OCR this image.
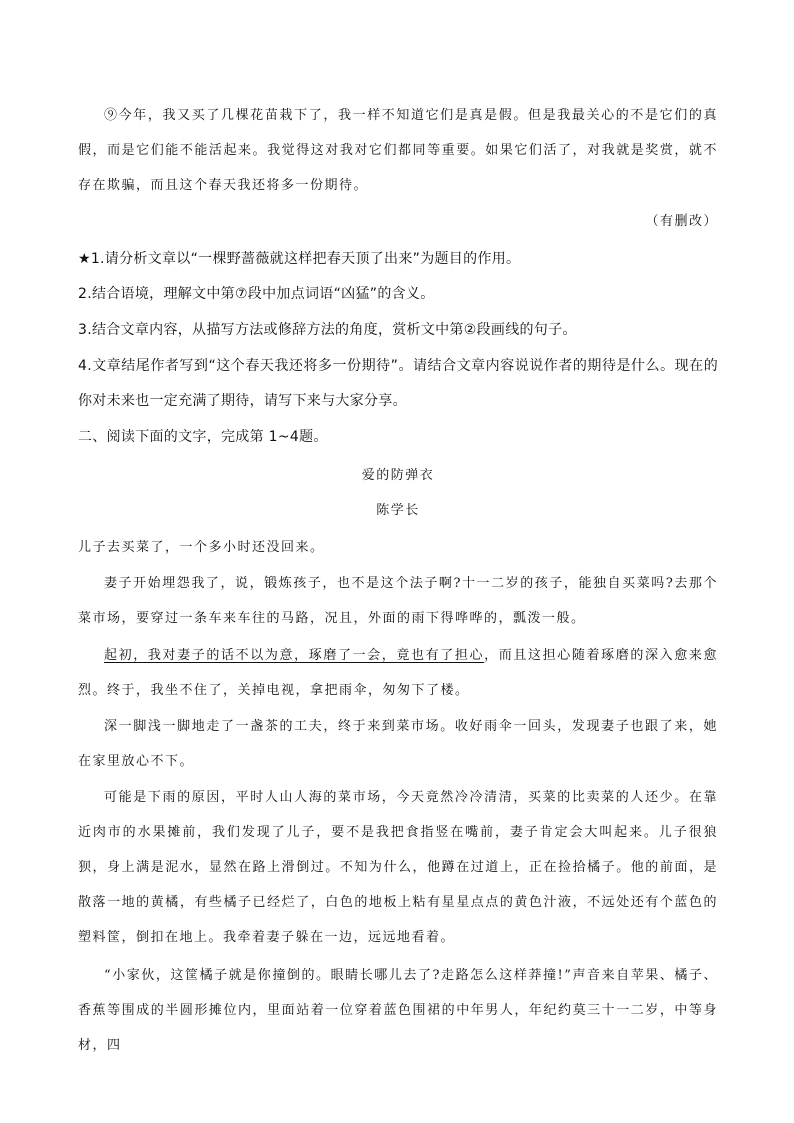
⑨今年，我又买了几棵花苗栽下了，我一样不知道它们是真是假。但是我最关心的不是它们的真假，而是它们能不能活起来。我觉得这对我对它们都同等重要。如果它们活了，对我就是奖赏，就不存在欺骗，而且这个春天我还将多一份期待。

（有删改）

★1.请分析文章以“一棵野蔷薇就这样把春天顶了出来”为题目的作用。

2.结合语境，理解文中第⑦段中加点词语“凶猛”的含义。

3.结合文章内容，从描写方法或修辞方法的角度，赏析文中第②段画线的句子。

4.文章结尾作者写到“这个春天我还将多一份期待”。请结合文章内容说说作者的期待是什么。现在的你对未来也一定充满了期待，请写下来与大家分享。

二、阅读下面的文字，完成第 1~4题。

爱的防弹衣

陈学长

儿子去买菜了，一个多小时还没回来。

妻子开始埋怨我了，说，锻炼孩子，也不是这个法子啊?十一二岁的孩子，能独自买菜吗?去那个菜市场，要穿过一条车来车往的马路，况且，外面的雨下得哗哗的，瓢泼一般。

起初，我对妻子的话不以为意，琢磨了一会，竟也有了担心，而且这担心随着琢磨的深入愈来愈烈。终于，我坐不住了，关掉电视，拿把雨伞，匆匆下了楼。

深一脚浅一脚地走了一盏茶的工夫，终于来到菜市场。收好雨伞一回头，发现妻子也跟了来，她在家里放心不下。

可能是下雨的原因，平时人山人海的菜市场，今天竟然冷冷清清，买菜的比卖菜的人还少。在靠近肉市的水果摊前，我们发现了儿子，要不是我把食指竖在嘴前，妻子肯定会大叫起来。儿子很狼狈，身上满是泥水，显然在路上滑倒过。不知为什么，他蹲在过道上，正在捡拾橘子。他的前面，是散落一地的黄橘，有些橘子已经烂了，白色的地板上粘有星星点点的黄色汁液，不远处还有个蓝色的塑料筐，倒扣在地上。我牵着妻子躲在一边，远远地看着。

“小家伙，这筐橘子就是你撞倒的。眼睛长哪儿去了?走路怎么这样莽撞!”声音来自苹果、橘子、香蕉等围成的半圆形摊位内，里面站着一位穿着蓝色围裙的中年男人，年纪约莫三十一二岁，中等身材，四
